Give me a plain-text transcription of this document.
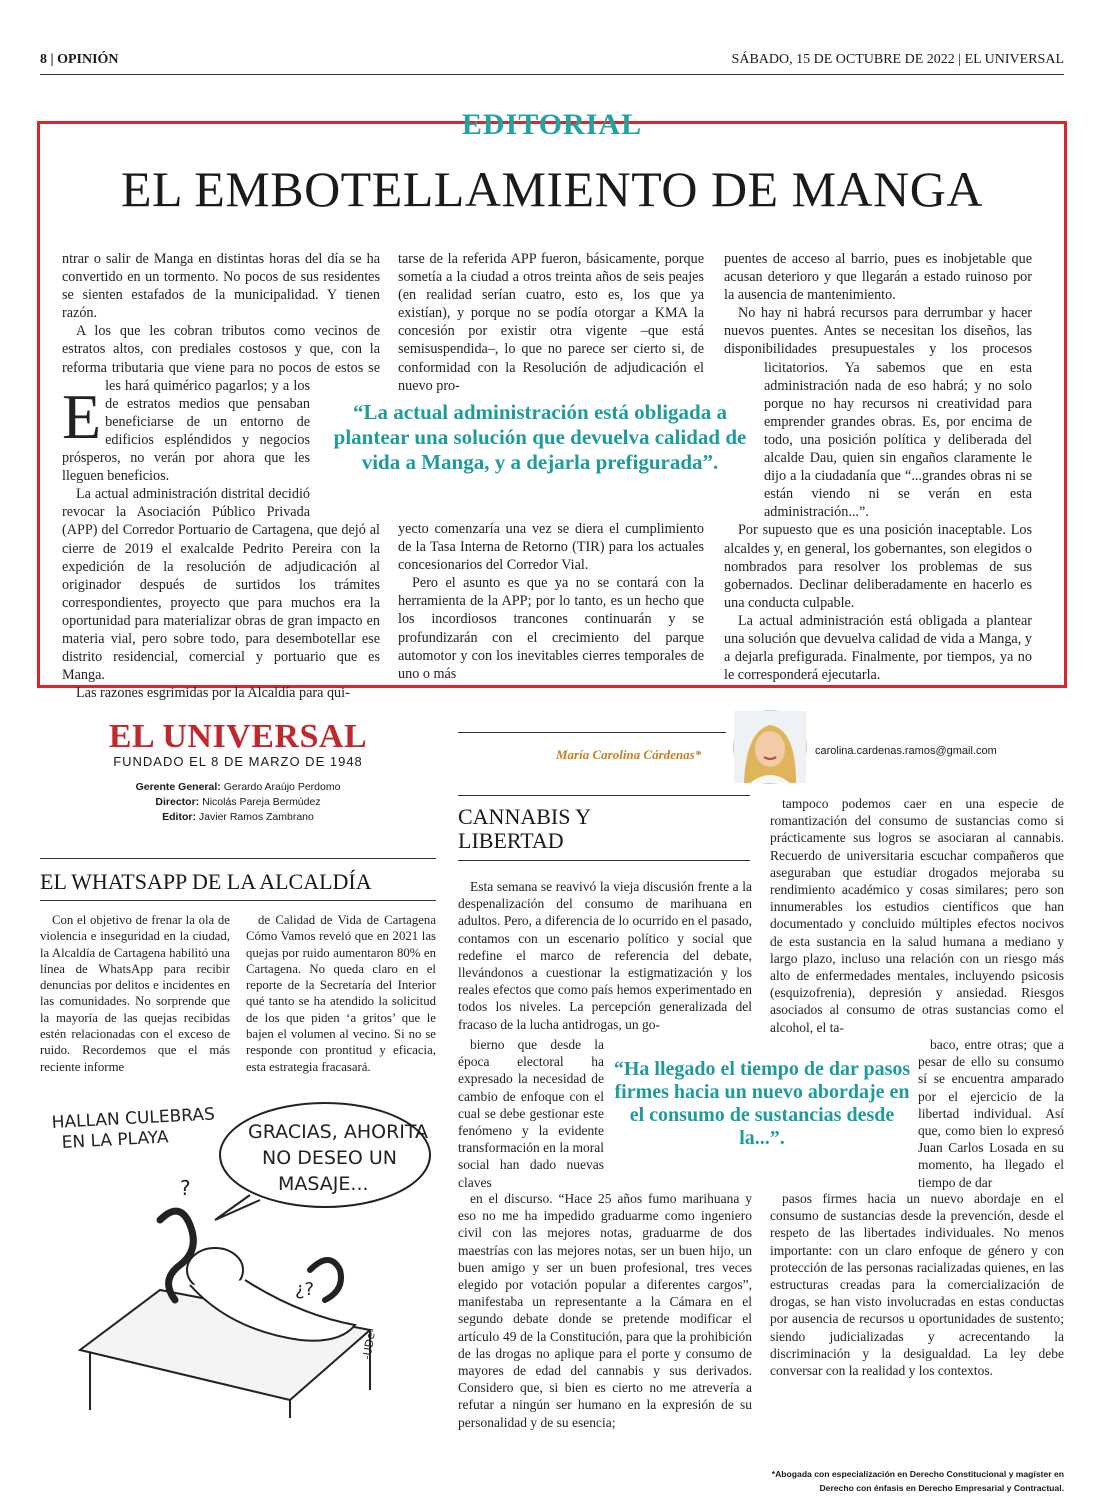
8 | OPINIÓN	SÁBADO, 15 DE OCTUBRE DE 2022 | EL UNIVERSAL
EDITORIAL
EL EMBOTELLAMIENTO DE MANGA

E
ntrar o salir de Manga en distintas horas del día se ha convertido en un tormento. No pocos de sus residentes se sienten estafados de la municipalidad. Y tienen razón.

A los que les cobran tributos como vecinos de estratos altos, con prediales costosos y que, con la reforma tributaria que viene para no pocos de estos se les hará quimérico pagarlos; y a los de estratos medios que pensaban beneficiarse de un entorno de edificios espléndidos y negocios prósperos, no verán por ahora que les lleguen beneficios.

La actual administración distrital decidió revocar la Asociación Público Privada (APP) del Corredor Portuario de Cartagena, que dejó al cierre de 2019 el exalcalde Pedrito Pereira con la expedición de la resolución de adjudicación al originador después de surtidos los trámites correspondientes, proyecto que para muchos era la oportunidad para materializar obras de gran impacto en materia vial, pero sobre todo, para desembotellar ese distrito residencial, comercial y portuario que es Manga.

Las razones esgrimidas por la Alcaldía para qui-

tarse de la referida APP fueron, básicamente, porque sometía a la ciudad a otros treinta años de seis peajes (en realidad serían cuatro, esto es, los que ya existían), y porque no se podía otorgar a KMA la concesión por existir otra vigente –que está semisuspendida–, lo que no parece ser cierto si, de conformidad con la Resolución de adjudicación el nuevo pro-

yecto comenzaría una vez se diera el cumplimiento de la Tasa Interna de Retorno (TIR) para los actuales concesionarios del Corredor Vial.

Pero el asunto es que ya no se contará con la herramienta de la APP; por lo tanto, es un hecho que los incordiosos trancones continuarán y se profundizarán con el crecimiento del parque automotor y con los inevitables cierres temporales de uno o más

puentes de acceso al barrio, pues es inobjetable que acusan deterioro y que llegarán a estado ruinoso por la ausencia de mantenimiento.

No hay ni habrá recursos para derrumbar y hacer nuevos puentes. Antes se necesitan los diseños, las disponibilidades presupuestales y los procesos licitatorios. Ya sabemos que en esta administración nada de eso habrá; y no solo porque no hay recursos ni creatividad para emprender grandes obras. Es, por encima de todo, una posición política y deliberada del alcalde Dau, quien sin engaños claramente le dijo a la ciudadanía que “...grandes obras ni se están viendo ni se verán en esta administración...”.

Por supuesto que es una posición inaceptable. Los alcaldes y, en general, los gobernantes, son elegidos o nombrados para resolver los problemas de sus gobernados. Declinar deliberadamente en hacerlo es una conducta culpable.

La actual administración está obligada a plantear una solución que devuelva calidad de vida a Manga, y a dejarla prefigurada. Finalmente, por tiempos, ya no le corresponderá ejecutarla.

“La actual administración está obligada a plantear una solución que devuelva calidad de vida a Manga, y a dejarla prefigurada”.
EL UNIVERSAL
FUNDADO EL 8 DE MARZO DE 1948
Gerente General: Gerardo Araújo Perdomo
Director: Nicolás Pareja Bermúdez
Editor: Javier Ramos Zambrano
EL WHATSAPP DE LA ALCALDÍA

Con el objetivo de frenar la ola de violencia e inseguridad en la ciudad, la Alcaldía de Cartagena habilitó una línea de WhatsApp para recibir denuncias por delitos e incidentes en las comunidades. No sorprende que la mayoría de las quejas recibidas estén relacionadas con el exceso de ruido. Recordemos que el más reciente informe

de Calidad de Vida de Cartagena Cómo Vamos reveló que en 2021 las quejas por ruido aumentaron 80% en Cartagena. No queda claro en el reporte de la Secretaría del Interior qué tanto se ha atendido la solicitud de los que piden ‘a gritos’ que le bajen el volumen al vecino. Si no se responde con prontitud y eficacia, esta estrategia fracasará.

HALLAN CULEBRAS
EN LA PLAYA	GRACIAS, AHORITA
NO DESEO UN
MASAJE...
?
¿?
-UDe-
María Carolina Cárdenas*	carolina.cardenas.ramos@gmail.com
CANNABIS Y
LIBERTAD

Esta semana se reavivó la vieja discusión frente a la despenalización del consumo de marihuana en adultos. Pero, a diferencia de lo ocurrido en el pasado, contamos con un escenario político y social que redefine el marco de referencia del debate, llevándonos a cuestionar la estigmatización y los reales efectos que como país hemos experimentado en todos los niveles. La percepción generalizada del fracaso de la lucha antidrogas, un go-

bierno que desde la época electoral ha expresado la necesidad de cambio de enfoque con el cual se debe gestionar este fenómeno y la evidente transformación en la moral social han dado nuevas claves

en el discurso. “Hace 25 años fumo marihuana y eso no me ha impedido graduarme como ingeniero civil con las mejores notas, graduarme de dos maestrías con las mejores notas, ser un buen hijo, un buen amigo y ser un buen profesional, tres veces elegido por votación popular a diferentes cargos”, manifestaba un representante a la Cámara en el segundo debate donde se pretende modificar el artículo 49 de la Constitución, para que la prohibición de las drogas no aplique para el porte y consumo de mayores de edad del cannabis y sus derivados. Considero que, si bien es cierto no me atrevería a refutar a ningún ser humano en la expresión de su personalidad y de su esencia;

tampoco podemos caer en una especie de romantización del consumo de sustancias como si prácticamente sus logros se asociaran al cannabis. Recuerdo de universitaria escuchar compañeros que aseguraban que estudiar drogados mejoraba su rendimiento académico y cosas similares; pero son innumerables los estudios científicos que han documentado y concluido múltiples efectos nocivos de esta sustancia en la salud humana a mediano y largo plazo, incluso una relación con un riesgo más alto de enfermedades mentales, incluyendo psicosis (esquizofrenia), depresión y ansiedad. Riesgos asociados al consumo de otras sustancias como el alcohol, el ta-

baco, entre otras; que a pesar de ello su consumo sí se encuentra amparado por el ejercicio de la libertad individual. Así que, como bien lo expresó Juan Carlos Losada en su momento, ha llegado el tiempo de dar

pasos firmes hacia un nuevo abordaje en el consumo de sustancias desde la prevención, desde el respeto de las libertades individuales. No menos importante: con un claro enfoque de género y con protección de las personas racializadas quienes, en las estructuras creadas para la comercialización de drogas, se han visto involucradas en estas conductas por ausencia de recursos u oportunidades de sustento; siendo judicializadas y acrecentando la discriminación y la desigualdad. La ley debe conversar con la realidad y los contextos.

“Ha llegado el tiempo de dar pasos firmes hacia un nuevo abordaje en el consumo de sustancias desde la...”.
*Abogada con especialización en Derecho Constitucional y magíster en
Derecho con énfasis en Derecho Empresarial y Contractual.
